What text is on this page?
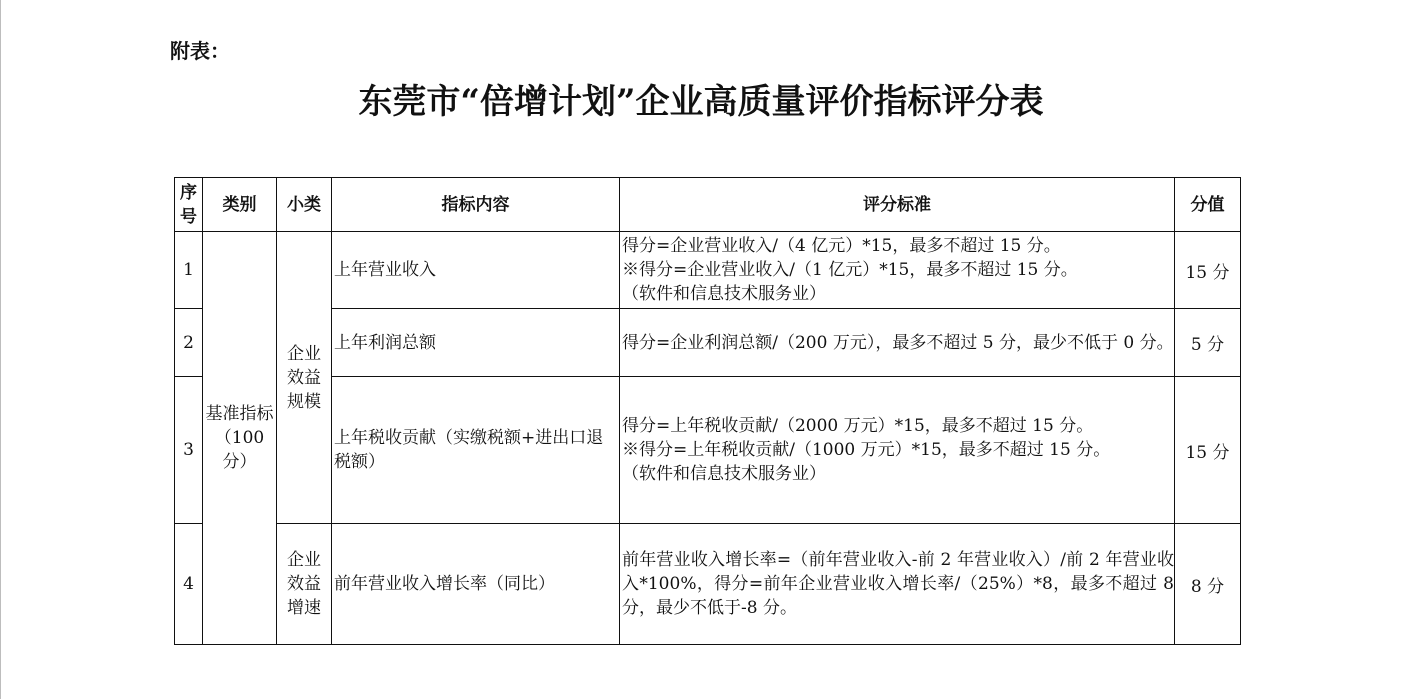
附表：
东莞市“倍增计划”企业高质量评价指标评分表
序号	类别	小类	指标内容	评分标准	分值
1	基准指标（100分）	企业效益规模	上年营业收入	得分=企业营业收入/（4 亿元）*15，最多不超过 15 分。
※得分=企业营业收入/（1 亿元）*15，最多不超过 15 分。
（软件和信息技术服务业）	15 分
2			上年利润总额	得分=企业利润总额/（200 万元），最多不超过 5 分，最少不低于 0 分。	5 分
3			上年税收贡献（实缴税额+进出口退税额）	得分=上年税收贡献/（2000 万元）*15，最多不超过 15 分。
※得分=上年税收贡献/（1000 万元）*15，最多不超过 15 分。
（软件和信息技术服务业）	15 分
4		企业效益增速	前年营业收入增长率（同比）	前年营业收入增长率=（前年营业收入-前 2 年营业收入）/前 2 年营业收入*100%，得分=前年企业营业收入增长率/（25%）*8，最多不超过 8 分，最少不低于-8 分。	8 分
